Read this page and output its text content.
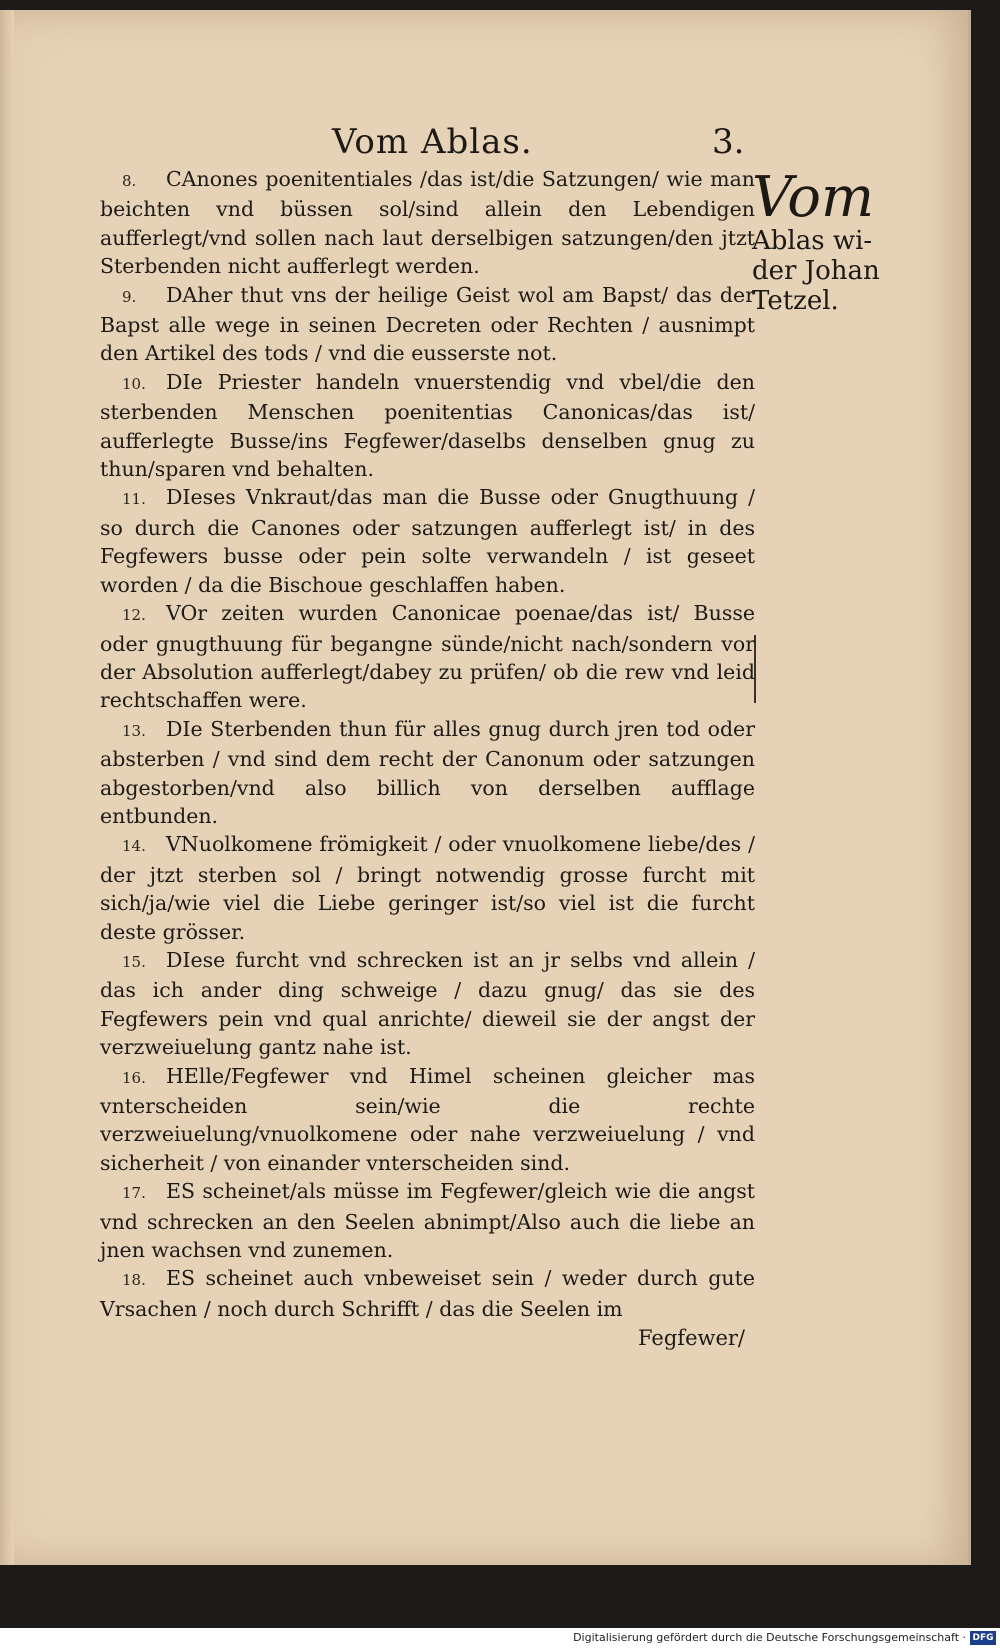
Vom Ablas.	3.
Vom
Ablas wi-
der Johan
Tetzel.

8. CAnones poenitentiales /das ist/die Satzungen/ wie man beichten vnd büssen sol/sind allein den Lebendigen aufferlegt/vnd sollen nach laut derselbigen satzungen/den jtzt Sterbenden nicht aufferlegt werden.

9. DAher thut vns der heilige Geist wol am Bapst/ das der Bapst alle wege in seinen Decreten oder Rechten / ausnimpt den Artikel des tods / vnd die eusserste not.

10. DIe Priester handeln vnuerstendig vnd vbel/die den sterbenden Menschen poenitentias Canonicas/das ist/ aufferlegte Busse/ins Fegfewer/daselbs denselben gnug zu thun/sparen vnd behalten.

11. DIeses Vnkraut/das man die Busse oder Gnugthuung / so durch die Canones oder satzungen aufferlegt ist/ in des Fegfewers busse oder pein solte verwandeln / ist geseet worden / da die Bischoue geschlaffen haben.

12. VOr zeiten wurden Canonicae poenae/das ist/ Busse oder gnugthuung für begangne sünde/nicht nach/sondern vor der Absolution aufferlegt/dabey zu prüfen/ ob die rew vnd leid rechtschaffen were.

13. DIe Sterbenden thun für alles gnug durch jren tod oder absterben / vnd sind dem recht der Canonum oder satzungen abgestorben/vnd also billich von derselben aufflage entbunden.

14. VNuolkomene frömigkeit / oder vnuolkomene liebe/des / der jtzt sterben sol / bringt notwendig grosse furcht mit sich/ja/wie viel die Liebe geringer ist/so viel ist die furcht deste grösser.

15. DIese furcht vnd schrecken ist an jr selbs vnd allein / das ich ander ding schweige / dazu gnug/ das sie des Fegfewers pein vnd qual anrichte/ dieweil sie der angst der verzweiuelung gantz nahe ist.

16. HElle/Fegfewer vnd Himel scheinen gleicher mas vnterscheiden sein/wie die rechte verzweiuelung/vnuolkomene oder nahe verzweiuelung / vnd sicherheit / von einander vnterscheiden sind.

17. ES scheinet/als müsse im Fegfewer/gleich wie die angst vnd schrecken an den Seelen abnimpt/Also auch die liebe an jnen wachsen vnd zunemen.

18. ES scheinet auch vnbeweiset sein / weder durch gute Vrsachen / noch durch Schrifft / das die Seelen im

Fegfewer/
Digitalisierung gefördert durch die Deutsche Forschungsgemeinschaft · DFG
